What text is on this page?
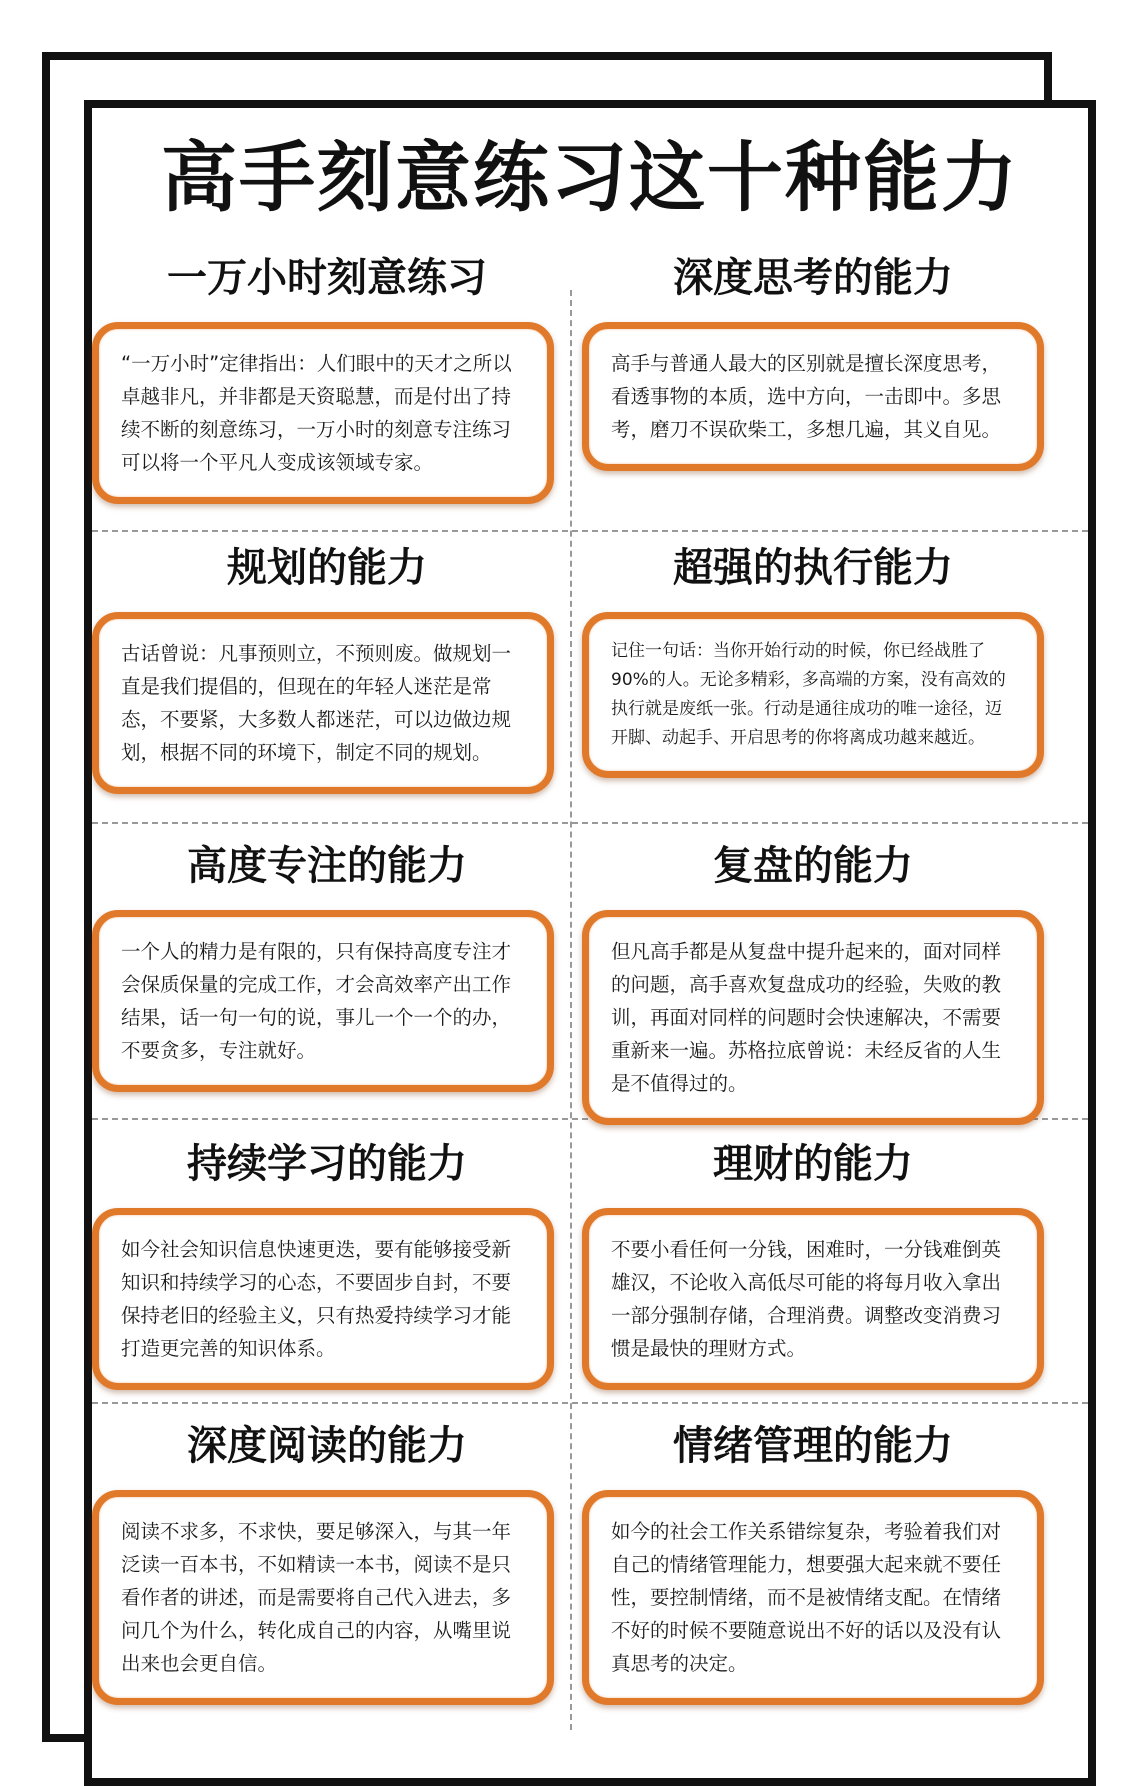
高手刻意练习这十种能力
一万小时刻意练习
“一万小时”定律指出：人们眼中的天才之所以卓越非凡，并非都是天资聪慧，而是付出了持续不断的刻意练习，一万小时的刻意专注练习可以将一个平凡人变成该领域专家。
深度思考的能力
高手与普通人最大的区别就是擅长深度思考，看透事物的本质，选中方向，一击即中。多思考，磨刀不误砍柴工，多想几遍，其义自见。
规划的能力
古话曾说：凡事预则立，不预则废。做规划一直是我们提倡的，但现在的年轻人迷茫是常态，不要紧，大多数人都迷茫，可以边做边规划，根据不同的环境下，制定不同的规划。
超强的执行能力
记住一句话：当你开始行动的时候，你已经战胜了90%的人。无论多精彩，多高端的方案，没有高效的执行就是废纸一张。行动是通往成功的唯一途径，迈开脚、动起手、开启思考的你将离成功越来越近。
高度专注的能力
一个人的精力是有限的，只有保持高度专注才会保质保量的完成工作，才会高效率产出工作结果，话一句一句的说，事儿一个一个的办，不要贪多，专注就好。
复盘的能力
但凡高手都是从复盘中提升起来的，面对同样的问题，高手喜欢复盘成功的经验，失败的教训，再面对同样的问题时会快速解决，不需要重新来一遍。苏格拉底曾说：未经反省的人生是不值得过的。
持续学习的能力
如今社会知识信息快速更迭，要有能够接受新知识和持续学习的心态，不要固步自封，不要保持老旧的经验主义，只有热爱持续学习才能打造更完善的知识体系。
理财的能力
不要小看任何一分钱，困难时，一分钱难倒英雄汉，不论收入高低尽可能的将每月收入拿出一部分强制存储，合理消费。调整改变消费习惯是最快的理财方式。
深度阅读的能力
阅读不求多，不求快，要足够深入，与其一年泛读一百本书，不如精读一本书，阅读不是只看作者的讲述，而是需要将自己代入进去，多问几个为什么，转化成自己的内容，从嘴里说出来也会更自信。
情绪管理的能力
如今的社会工作关系错综复杂，考验着我们对自己的情绪管理能力，想要强大起来就不要任性，要控制情绪，而不是被情绪支配。在情绪不好的时候不要随意说出不好的话以及没有认真思考的决定。
